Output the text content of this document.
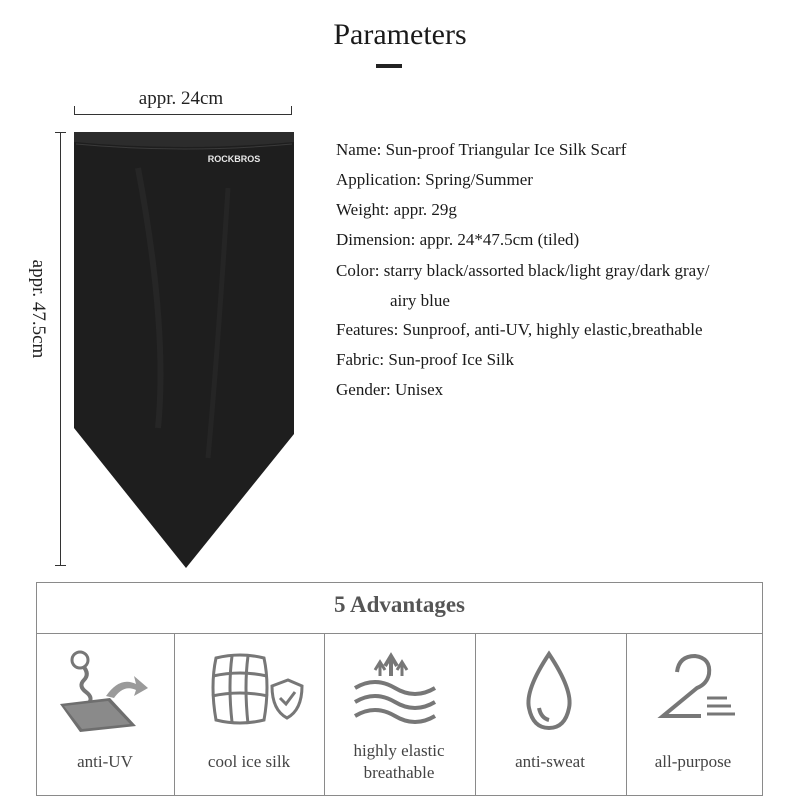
Parameters
appr. 24cm
appr. 47.5cm
ROCKBROS	Name: Sun-proof Triangular Ice Silk Scarf
Application: Spring/Summer
Weight: appr. 29g
Dimension: appr. 24*47.5cm (tiled)
Color: starry black/assorted black/light gray/dark gray/
airy blue
Features: Sunproof, anti-UV, highly elastic,breathable
Fabric: Sun-proof Ice Silk
Gender: Unisex
5 Advantages
anti-UV	cool ice silk
highly elastic
breathable
anti-sweat	all-purpose
